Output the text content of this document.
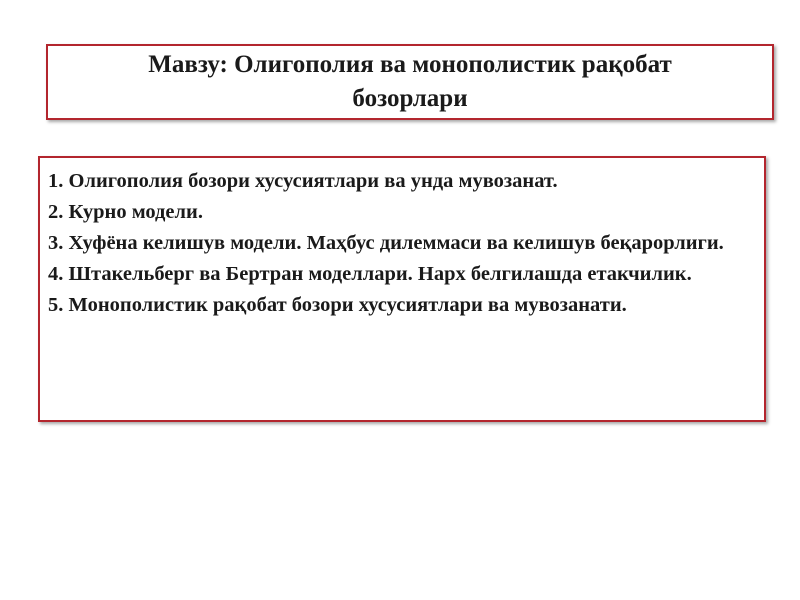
Мавзу: Олигополия ва монополистик рақобат бозорлари

1. Олигополия бозори хусусиятлари ва унда мувозанат.
2. Курно модели.
3. Хуфёна келишув модели. Маҳбус дилеммаси ва келишув беқарорлиги.
4. Штакельберг ва Бертран моделлари. Нарх белгилашда етакчилик.
5. Монополистик рақобат бозори хусусиятлари ва мувозанати.
